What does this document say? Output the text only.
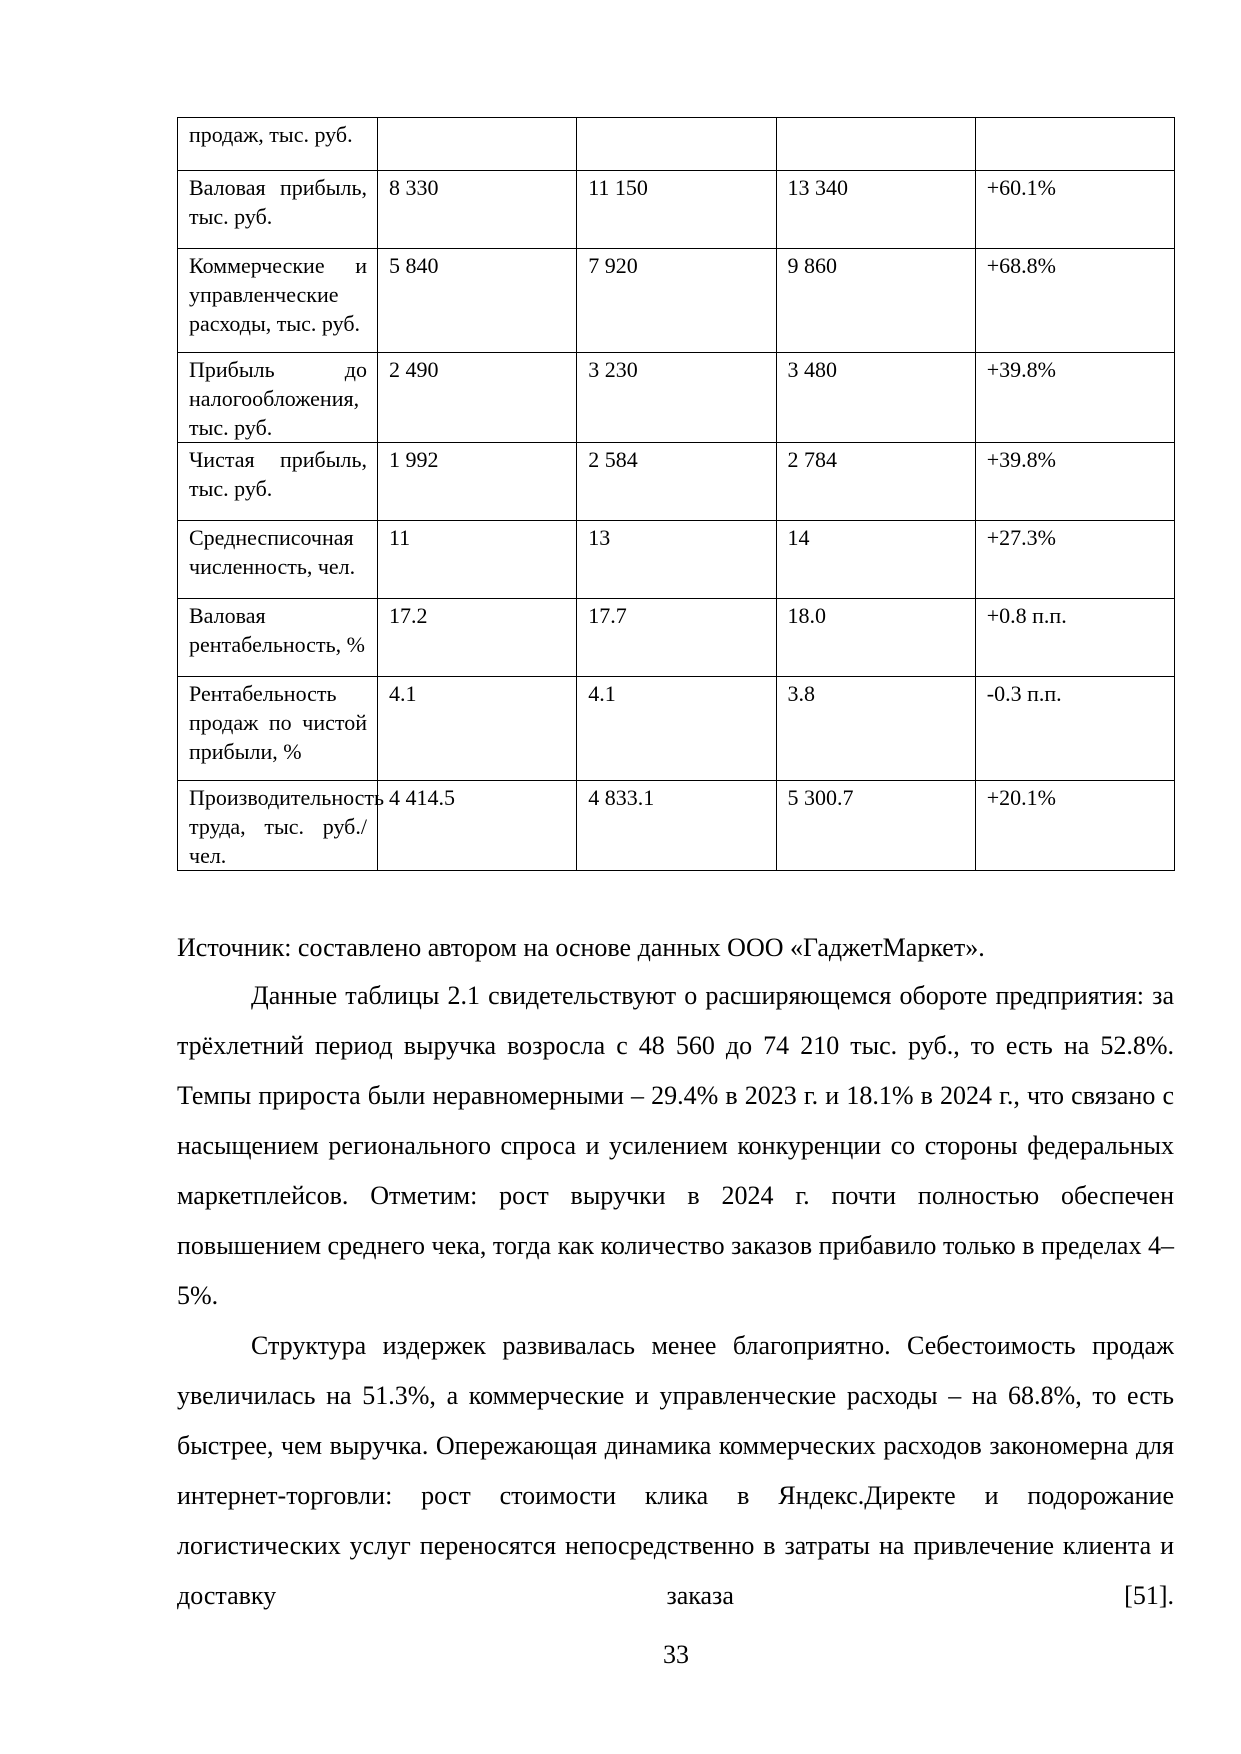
продаж, тыс. руб.				
Валовая прибыль, тыс. руб.	8 330	11 150	13 340	+60.1%
Коммерческие и управленческие расходы, тыс. руб.	5 840	7 920	9 860	+68.8%
Прибыль до налогообложения, тыс. руб.	2 490	3 230	3 480	+39.8%
Чистая прибыль, тыс. руб.	1 992	2 584	2 784	+39.8%
Среднесписочная численность, чел.	11	13	14	+27.3%
Валовая рентабельность, %	17.2	17.7	18.0	+0.8 п.п.
Рентабельность продаж по чистой прибыли, %	4.1	4.1	3.8	-0.3 п.п.
Производительность труда, тыс. руб./чел.	4 414.5	4 833.1	5 300.7	+20.1%

Источник: составлено автором на основе данных ООО «ГаджетМаркет».

Данные таблицы 2.1 свидетельствуют о расширяющемся обороте предприятия: за трёхлетний период выручка возросла с 48 560 до 74 210 тыс. руб., то есть на 52.8%. Темпы прироста были неравномерными – 29.4% в 2023 г. и 18.1% в 2024 г., что связано с насыщением регионального спроса и усилением конкуренции со стороны федеральных маркетплейсов. Отметим: рост выручки в 2024 г. почти полностью обеспечен повышением среднего чека, тогда как количество заказов прибавило только в пределах 4–5%.

Структура издержек развивалась менее благоприятно. Себестоимость продаж увеличилась на 51.3%, а коммерческие и управленческие расходы – на 68.8%, то есть быстрее, чем выручка. Опережающая динамика коммерческих расходов закономерна для интернет-торговли: рост стоимости клика в Яндекс.Директе и подорожание логистических услуг переносятся непосредственно в затраты на привлечение клиента и доставку заказа [51].

33
